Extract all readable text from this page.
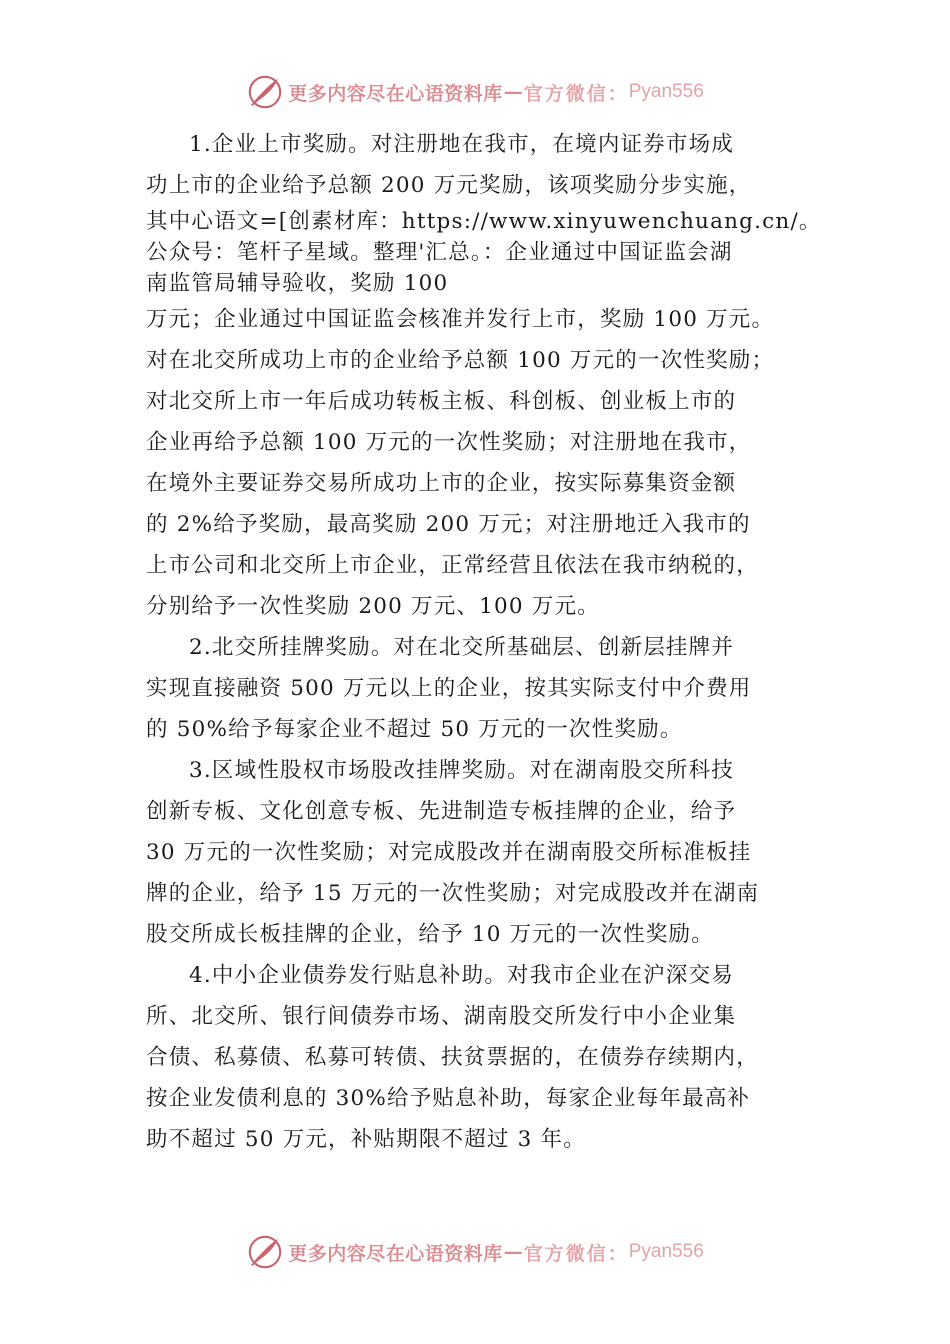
更多内容尽在心语资料库 — 官方微信： Pyan556
1.企业上市奖励。对注册地在我市，在境内证券市场成
功上市的企业给予总额 200 万元奖励，该项奖励分步实施，
其中心语文=[创素材库：https://www.xinyuwenchuang.cn/。
公众号：笔杆子星域。整理'汇总。：企业通过中国证监会湖
南监管局辅导验收，奖励 100
万元；企业通过中国证监会核准并发行上市，奖励 100 万元。
对在北交所成功上市的企业给予总额 100 万元的一次性奖励；
对北交所上市一年后成功转板主板、科创板、创业板上市的
企业再给予总额 100 万元的一次性奖励；对注册地在我市，
在境外主要证券交易所成功上市的企业，按实际募集资金额
的 2%给予奖励，最高奖励 200 万元；对注册地迁入我市的
上市公司和北交所上市企业，正常经营且依法在我市纳税的，
分别给予一次性奖励 200 万元、100 万元。
2.北交所挂牌奖励。对在北交所基础层、创新层挂牌并
实现直接融资 500 万元以上的企业，按其实际支付中介费用
的 50%给予每家企业不超过 50 万元的一次性奖励。
3.区域性股权市场股改挂牌奖励。对在湖南股交所科技
创新专板、文化创意专板、先进制造专板挂牌的企业，给予
30 万元的一次性奖励；对完成股改并在湖南股交所标准板挂
牌的企业，给予 15 万元的一次性奖励；对完成股改并在湖南
股交所成长板挂牌的企业，给予 10 万元的一次性奖励。
4.中小企业债券发行贴息补助。对我市企业在沪深交易
所、北交所、银行间债券市场、湖南股交所发行中小企业集
合债、私募债、私募可转债、扶贫票据的，在债券存续期内，
按企业发债利息的 30%给予贴息补助，每家企业每年最高补
助不超过 50 万元，补贴期限不超过 3 年。
更多内容尽在心语资料库 — 官方微信： Pyan556
